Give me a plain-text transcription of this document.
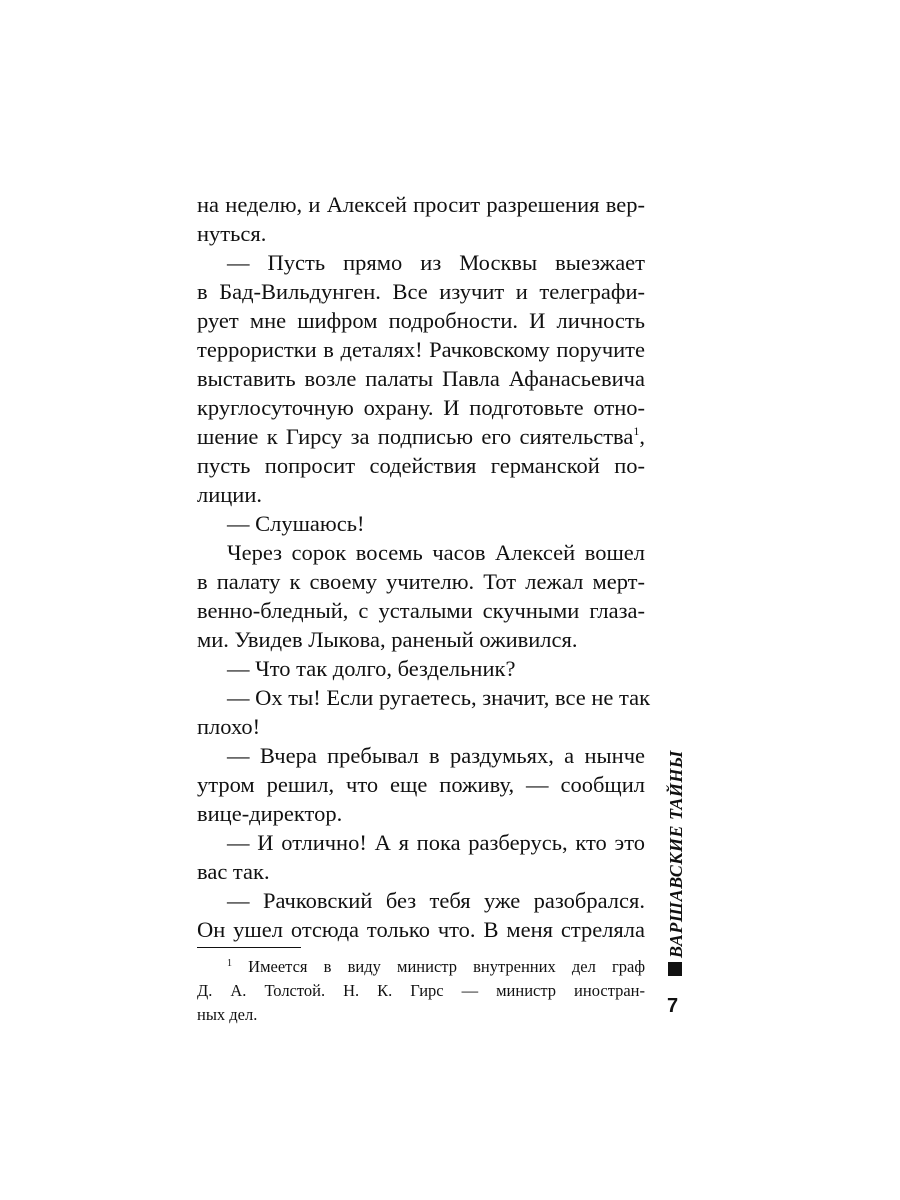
на неделю, и Алексей просит разрешения вер-
нуться.
— Пусть прямо из Москвы выезжает
в Бад-Вильдунген. Все изучит и телеграфи-
рует мне шифром подробности. И личность
террористки в деталях! Рачковскому поручите
выставить возле палаты Павла Афанасьевича
круглосуточную охрану. И подготовьте отно-
шение к Гирсу за подписью его сиятельства$^1$,
пусть попросит содействия германской по-
лиции.
— Слушаюсь!
Через сорок восемь часов Алексей вошел
в палату к своему учителю. Тот лежал мерт-
венно-бледный, с усталыми скучными глаза-
ми. Увидев Лыкова, раненый оживился.
— Что так долго, бездельник?
— Ох ты! Если ругаетесь, значит, все не так
плохо!
— Вчера пребывал в раздумьях, а нынче
утром решил, что еще поживу, — сообщил
вице-директор.
— И отлично! А я пока разберусь, кто это
вас так.
— Рачковский без тебя уже разобрался.
Он ушел отсюда только что. В меня стреляла
$^1$ Имеется в виду министр внутренних дел граф
Д. А. Толстой. Н. К. Гирс — министр иностран-
ных дел.
ВАРШАВСКИЕ ТАЙНЫ
7
